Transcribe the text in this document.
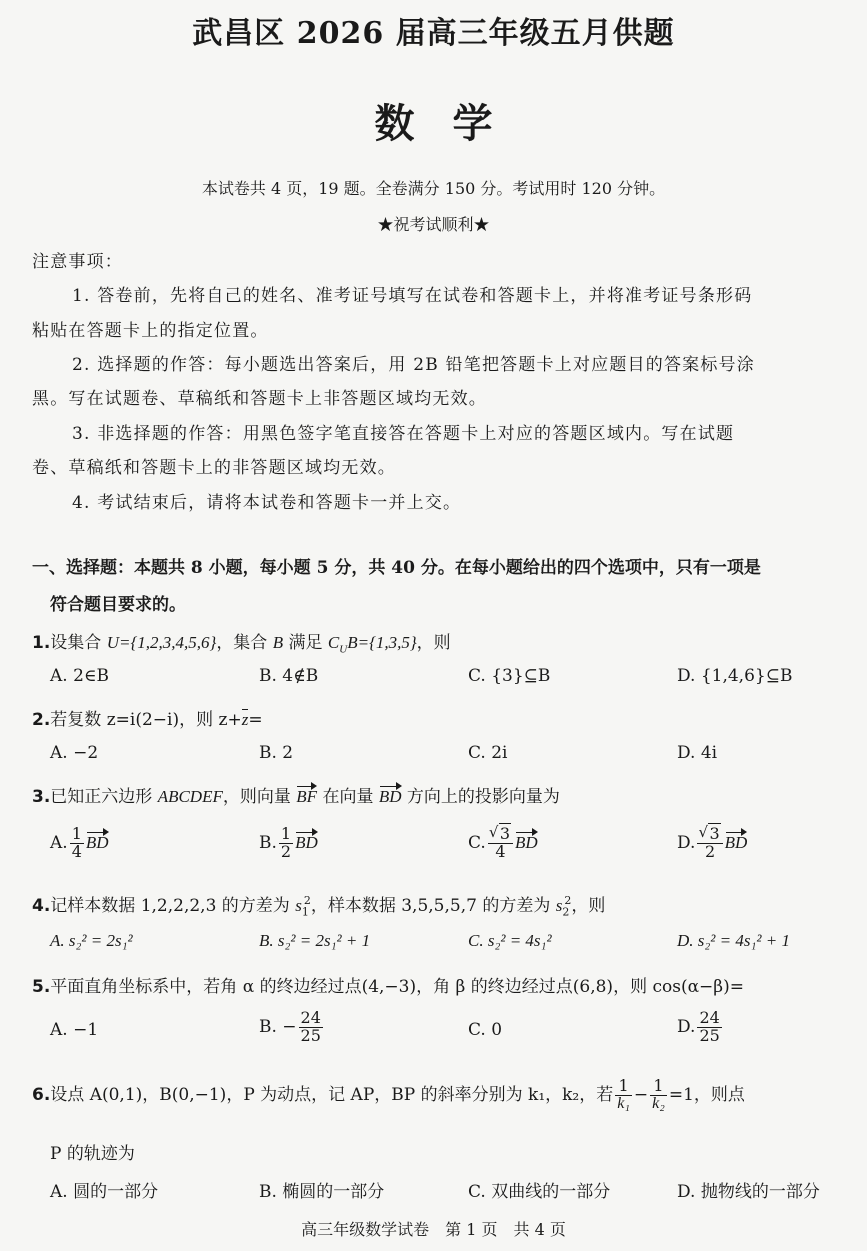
武昌区 2026 届高三年级五月供题
数学
本试卷共 4 页，19 题。全卷满分 150 分。考试用时 120 分钟。
★祝考试顺利★
注意事项：
1. 答卷前，先将自己的姓名、准考证号填写在试卷和答题卡上，并将准考证号条形码
粘贴在答题卡上的指定位置。
2. 选择题的作答：每小题选出答案后，用 2B 铅笔把答题卡上对应题目的答案标号涂
黑。写在试题卷、草稿纸和答题卡上非答题区域均无效。
3. 非选择题的作答：用黑色签字笔直接答在答题卡上对应的答题区域内。写在试题
卷、草稿纸和答题卡上的非答题区域均无效。
4. 考试结束后，请将本试卷和答题卡一并上交。
一、选择题：本题共 8 小题，每小题 5 分，共 40 分。在每小题给出的四个选项中，只有一项是
符合题目要求的。
1.设集合 U={1,2,3,4,5,6}，集合 B 满足 $C_UB=\{1,3,5\}$，则
A. 2∈B	B. 4∉B	C. {3}⊆B	D. {1,4,6}⊆B
2.若复数 z=i(2−i)，则 z+z=
A. −2	B. 2	C. 2i	D. 4i
3.已知正六边形 ABCDEF，则向量 BF 在向量 BD 方向上的投影向量为
A. $\frac{1}{4}$ BD	B. $\frac{1}{2}$ BD	C. √ $\frac{3}{4}$ BD	D. √ $\frac{3}{2}$ BD
4.记样本数据 1,2,2,2,3 的方差为 $s_1^2$，样本数据 3,5,5,5,7 的方差为 $s_2^2$，则
A. s₂² = 2s₁²	B. s₂² = 2s₁² + 1	C. s₂² = 4s₁²	D. s₂² = 4s₁² + 1
5.平面直角坐标系中，若角 α 的终边经过点(4,−3)，角 β 的终边经过点(6,8)，则 cos(α−β)=
A. −1	B. − $\frac{24}{25}$	C. 0	D. $\frac{24}{25}$
6.设点 A(0,1)，B(0,−1)，P 为动点，记 AP，BP 的斜率分别为 k₁，k₂，若 $\frac{1}{\text{k₁}} - \frac{1}{\text{k₂}} =1$，则点
P 的轨迹为
A. 圆的一部分	B. 椭圆的一部分	C. 双曲线的一部分	D. 抛物线的一部分
高三年级数学试卷　第 1 页　共 4 页
